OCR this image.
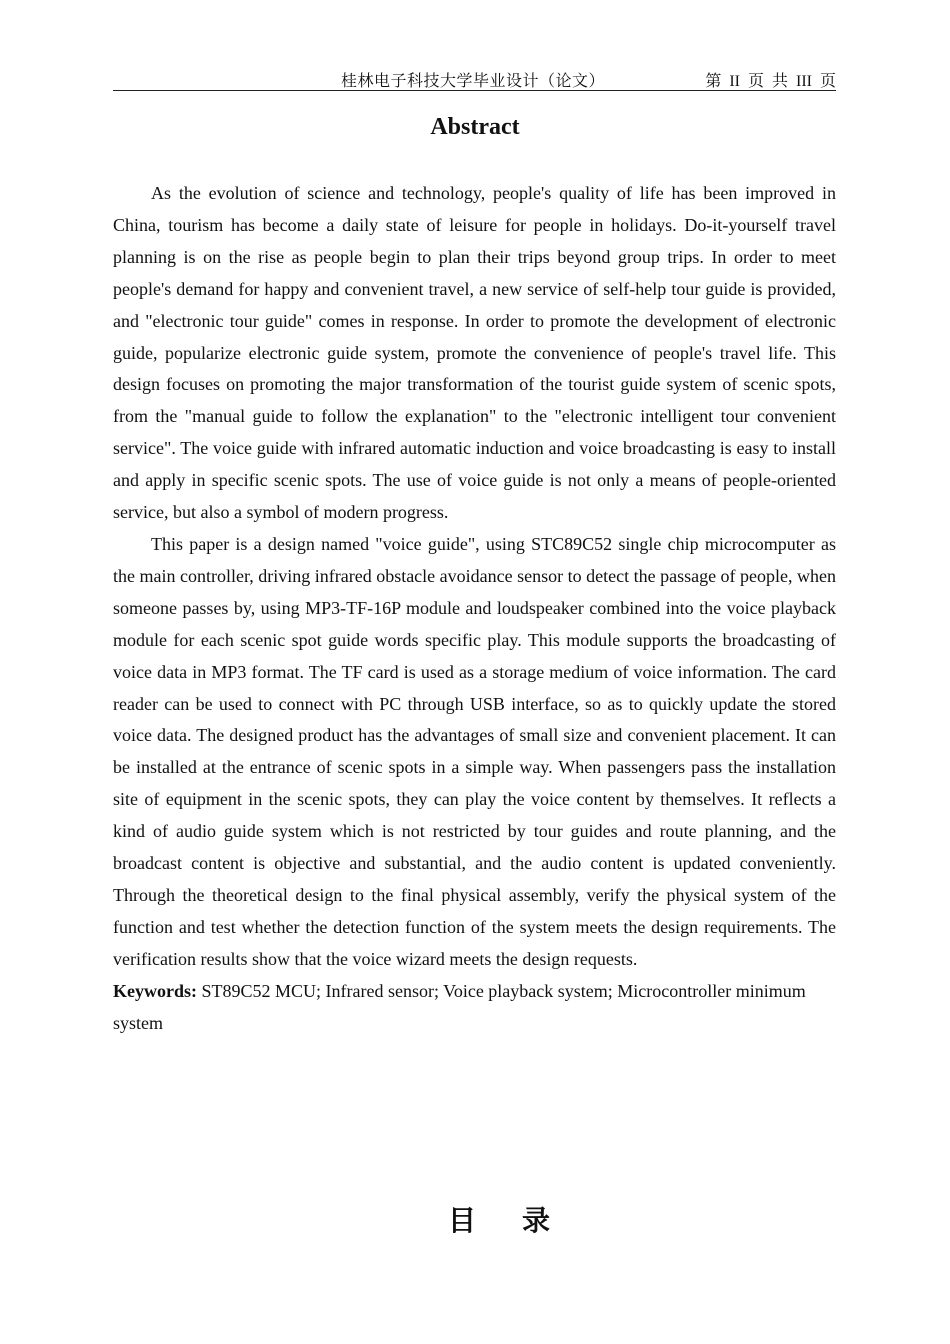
桂林电子科技大学毕业设计（论文）	第 II 页 共 III 页
Abstract

As the evolution of science and technology, people's quality of life has been improved in China, tourism has become a daily state of leisure for people in holidays. Do-it-yourself travel planning is on the rise as people begin to plan their trips beyond group trips. In order to meet people's demand for happy and convenient travel, a new service of self-help tour guide is provided, and "electronic tour guide" comes in response. In order to promote the development of electronic guide, popularize electronic guide system, promote the convenience of people's travel life. This design focuses on promoting the major transformation of the tourist guide system of scenic spots, from the "manual guide to follow the explanation" to the "electronic intelligent tour convenient service". The voice guide with infrared automatic induction and voice broadcasting is easy to install and apply in specific scenic spots. The use of voice guide is not only a means of people-oriented service, but also a symbol of modern progress.

This paper is a design named "voice guide", using STC89C52 single chip microcomputer as the main controller, driving infrared obstacle avoidance sensor to detect the passage of people, when someone passes by, using MP3-TF-16P module and loudspeaker combined into the voice playback module for each scenic spot guide words specific play. This module supports the broadcasting of voice data in MP3 format. The TF card is used as a storage medium of voice information. The card reader can be used to connect with PC through USB interface, so as to quickly update the stored voice data. The designed product has the advantages of small size and convenient placement. It can be installed at the entrance of scenic spots in a simple way. When passengers pass the installation site of equipment in the scenic spots, they can play the voice content by themselves. It reflects a kind of audio guide system which is not restricted by tour guides and route planning, and the broadcast content is objective and substantial, and the audio content is updated conveniently. Through the theoretical design to the final physical assembly, verify the physical system of the function and test whether the detection function of the system meets the design requirements. The verification results show that the voice wizard meets the design requests.

Keywords: ST89C52 MCU; Infrared sensor; Voice playback system; Microcontroller minimum system

目录
